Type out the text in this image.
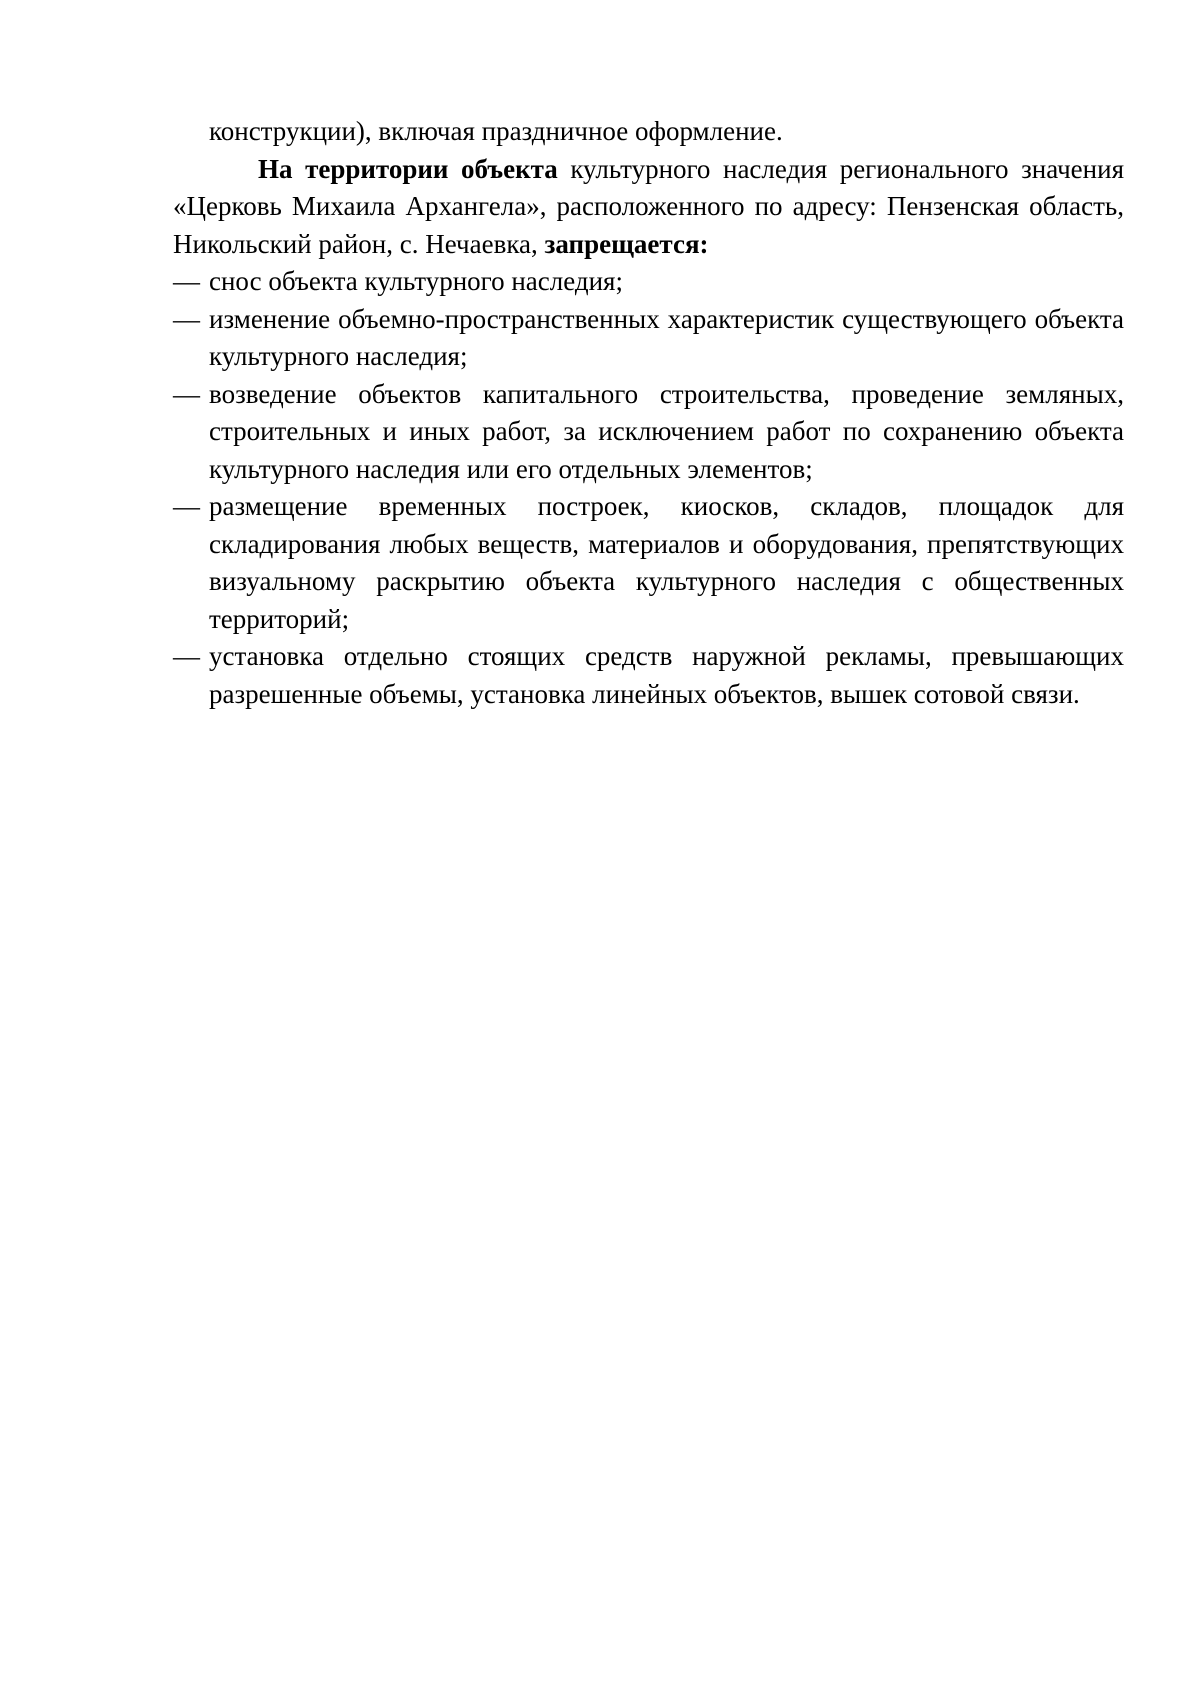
конструкции), включая праздничное оформление.

На территории объекта культурного наследия регионального значения «Церковь Михаила Архангела», расположенного по адресу: Пензенская область, Никольский район, с. Нечаевка, запрещается:

— снос объекта культурного наследия;
— изменение объемно-пространственных характеристик существующего объекта культурного наследия;
— возведение объектов капитального строительства, проведение земляных, строительных и иных работ, за исключением работ по сохранению объекта культурного наследия или его отдельных элементов;
— размещение временных построек, киосков, складов, площадок для складирования любых веществ, материалов и оборудования, препятствующих визуальному раскрытию объекта культурного наследия с общественных территорий;
— установка отдельно стоящих средств наружной рекламы, превышающих разрешенные объемы, установка линейных объектов, вышек сотовой связи.
